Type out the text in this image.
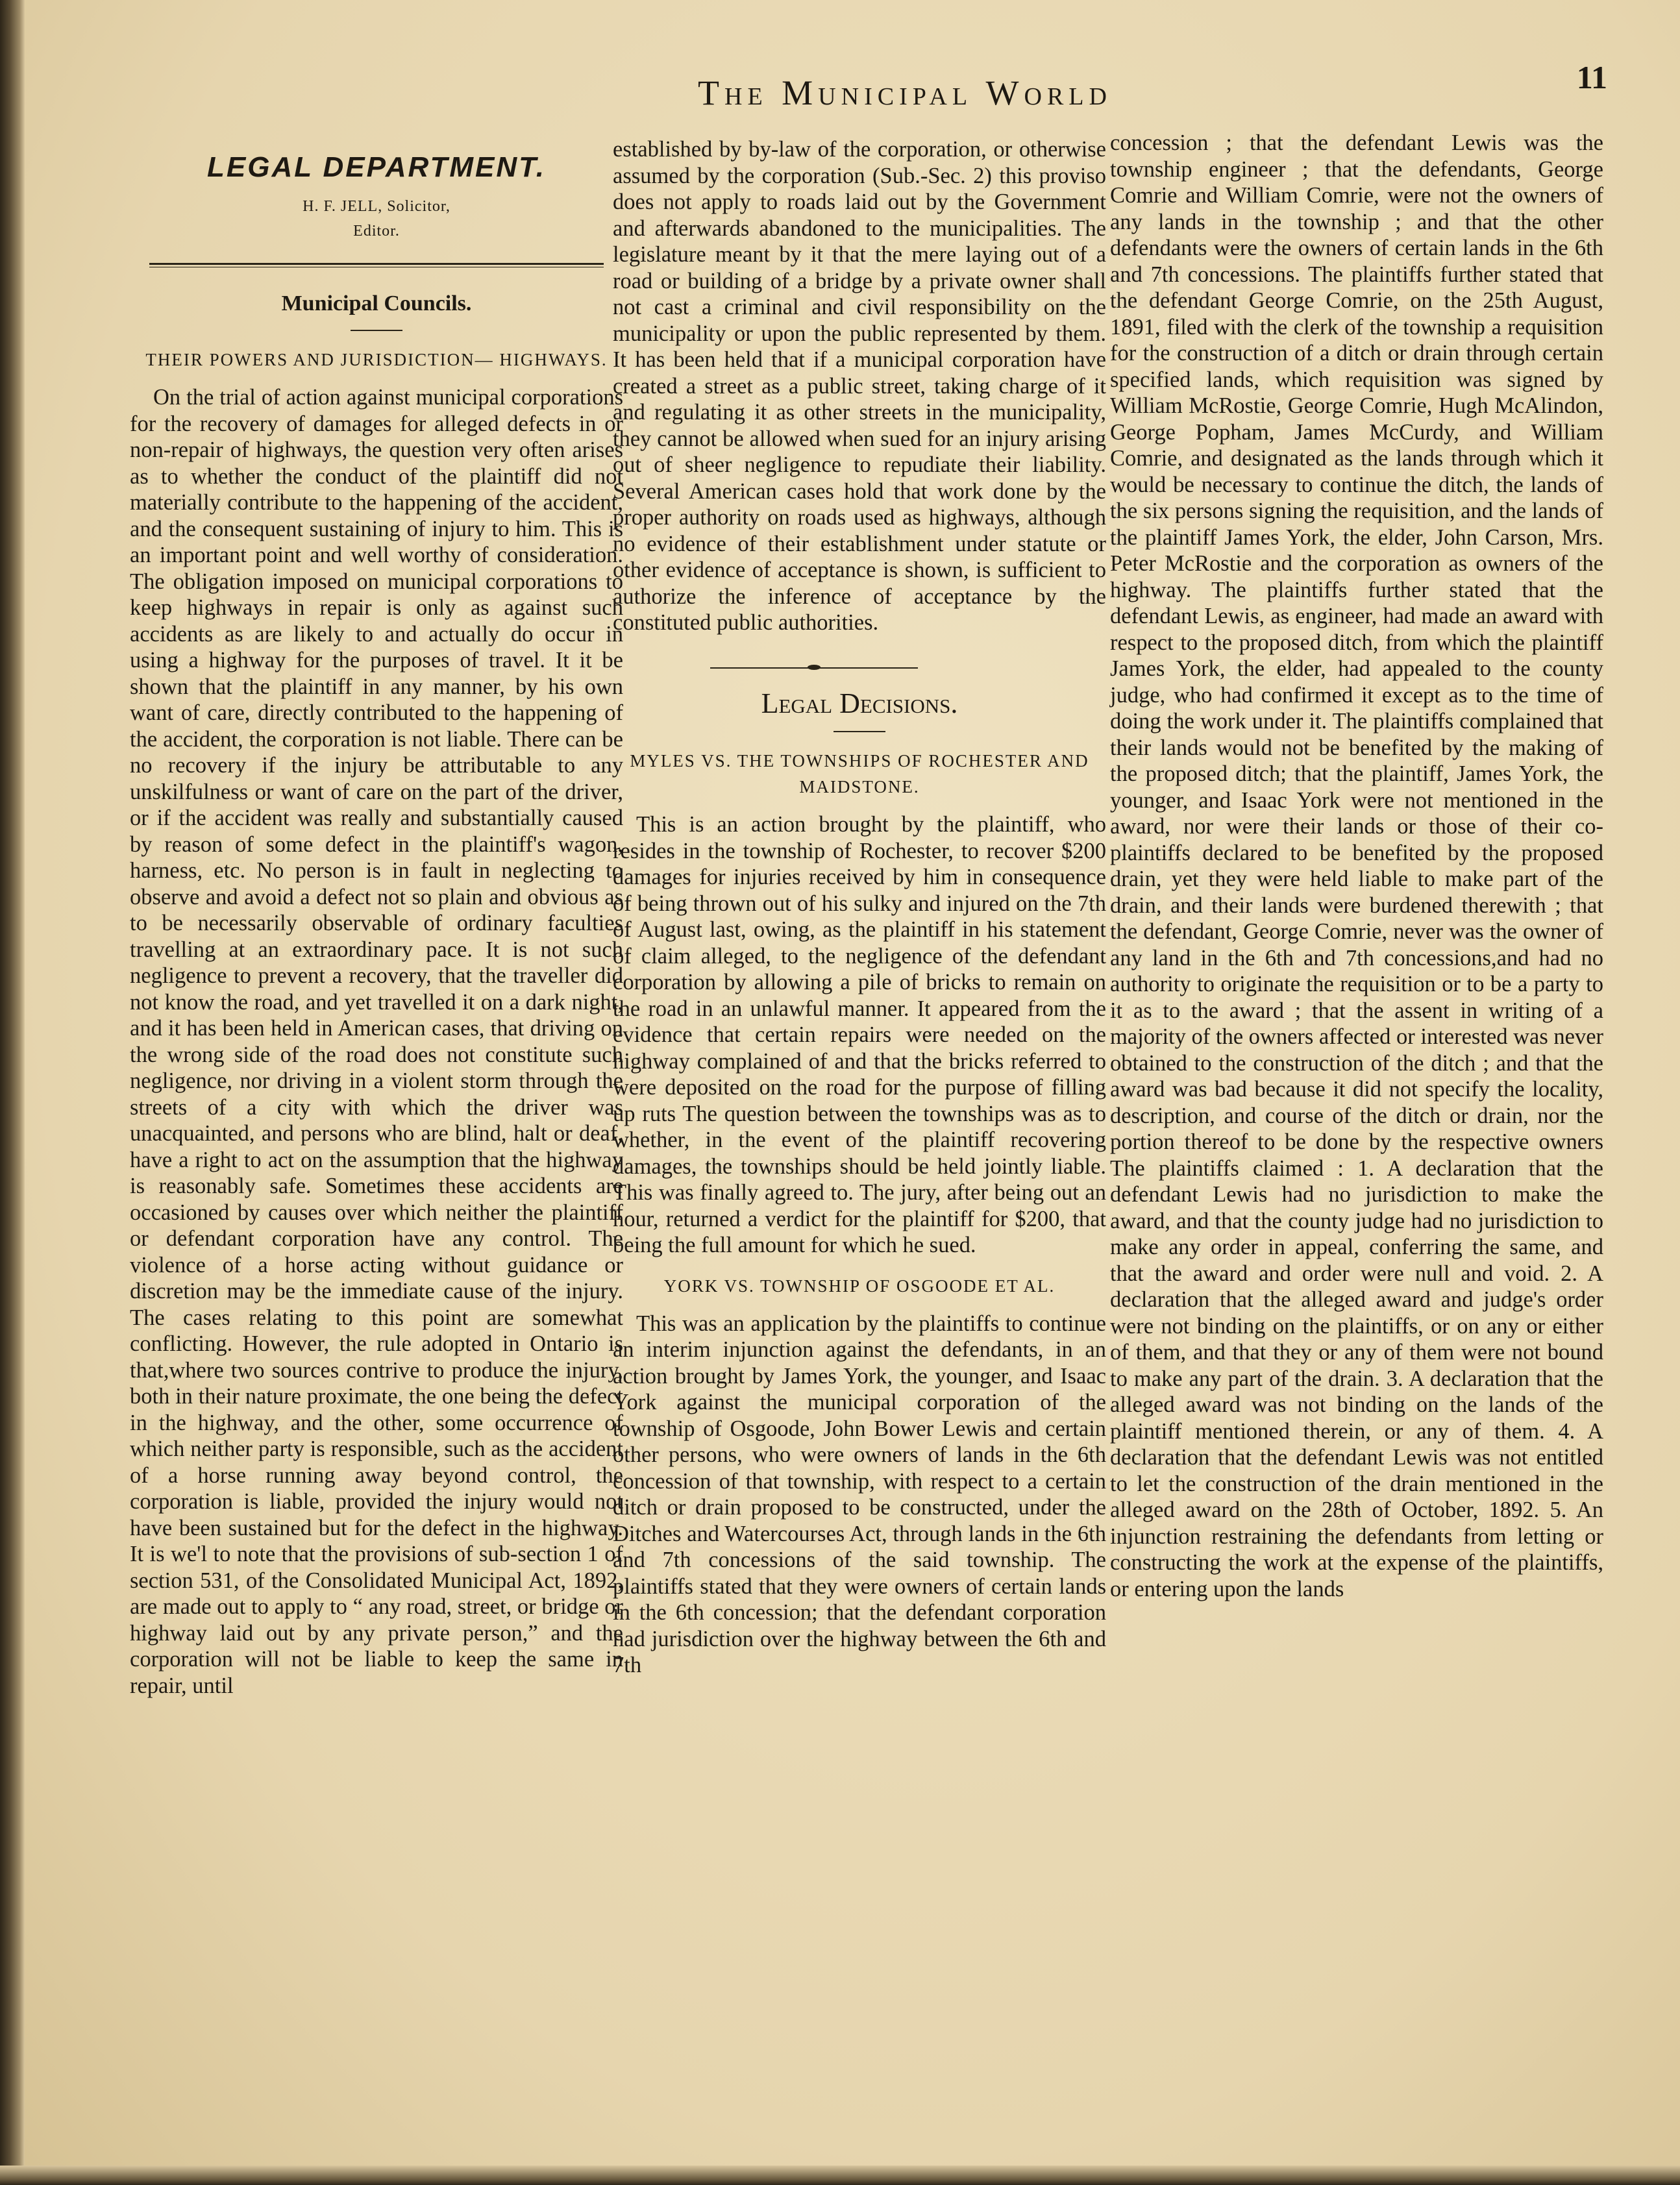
The Municipal World	11
LEGAL DEPARTMENT.
H. F. JELL, Solicitor,
Editor.
Municipal Councils.
THEIR POWERS AND JURISDICTION— HIGHWAYS.

On the trial of action against municipal corporations for the recovery of damages for alleged defects in or non-repair of highways, the question very often arises as to whether the conduct of the plaintiff did not materially contribute to the happening of the accident, and the consequent sustaining of injury to him. This is an important point and well worthy of consideration. The obligation imposed on municipal corporations to keep highways in repair is only as against such accidents as are likely to and actually do occur in using a highway for the purposes of travel. It it be shown that the plaintiff in any manner, by his own want of care, directly contributed to the happening of the accident, the corporation is not liable. There can be no recovery if the injury be attributable to any unskilfulness or want of care on the part of the driver, or if the accident was really and substantially caused by reason of some defect in the plaintiff's wagon, harness, etc. No person is in fault in neglecting to observe and avoid a defect not so plain and obvious as to be necessarily observable of ordinary faculties travelling at an extraordinary pace. It is not such negligence to prevent a recovery, that the traveller did not know the road, and yet travelled it on a dark night, and it has been held in American cases, that driving on the wrong side of the road does not constitute such negligence, nor driving in a violent storm through the streets of a city with which the driver was unacquainted, and persons who are blind, halt or deaf, have a right to act on the assumption that the highway is reasonably safe. Sometimes these accidents are occasioned by causes over which neither the plaintiff or defendant corporation have any control. The violence of a horse acting without guidance or discretion may be the immediate cause of the injury. The cases relating to this point are somewhat conflicting. However, the rule adopted in Ontario is that,where two sources contrive to produce the injury, both in their nature proximate, the one being the defect in the highway, and the other, some occurrence of which neither party is responsible, such as the accident of a horse running away beyond control, the corporation is liable, provided the injury would not have been sustained but for the defect in the highway. It is we'l to note that the provisions of sub-section 1 of section 531, of the Consolidated Municipal Act, 1892, are made out to apply to “ any road, street, or bridge or highway laid out by any private person,” and the corporation will not be liable to keep the same in repair, until

established by by-law of the corporation, or otherwise assumed by the corporation (Sub.-Sec. 2) this proviso does not apply to roads laid out by the Government and afterwards abandoned to the municipalities. The legislature meant by it that the mere laying out of a road or building of a bridge by a private owner shall not cast a criminal and civil responsibility on the municipality or upon the public represented by them. It has been held that if a municipal corporation have created a street as a public street, taking charge of it and regulating it as other streets in the municipality, they cannot be allowed when sued for an injury arising out of sheer negligence to repudiate their liability. Several American cases hold that work done by the proper authority on roads used as highways, although no evidence of their establishment under statute or other evidence of acceptance is shown, is sufficient to authorize the inference of acceptance by the constituted public authorities.

Legal Decisions.
MYLES VS. THE TOWNSHIPS OF ROCHESTER AND MAIDSTONE.

This is an action brought by the plaintiff, who resides in the township of Rochester, to recover $200 damages for injuries received by him in consequence of being thrown out of his sulky and injured on the 7th of August last, owing, as the plaintiff in his statement of claim alleged, to the negligence of the defendant corporation by allowing a pile of bricks to remain on the road in an unlawful manner. It appeared from the evidence that certain repairs were needed on the highway complained of and that the bricks referred to were deposited on the road for the purpose of filling up ruts The question between the townships was as to whether, in the event of the plaintiff recovering damages, the townships should be held jointly liable. This was finally agreed to. The jury, after being out an hour, returned a verdict for the plaintiff for $200, that being the full amount for which he sued.

YORK VS. TOWNSHIP OF OSGOODE ET AL.

This was an application by the plaintiffs to continue an interim injunction against the defendants, in an action brought by James York, the younger, and Isaac York against the municipal corporation of the township of Osgoode, John Bower Lewis and certain other persons, who were owners of lands in the 6th concession of that township, with respect to a certain ditch or drain proposed to be constructed, under the Ditches and Watercourses Act, through lands in the 6th and 7th concessions of the said township. The plaintiffs stated that they were owners of certain lands in the 6th concession; that the defendant corporation had jurisdiction over the highway between the 6th and 7th

concession ; that the defendant Lewis was the township engineer ; that the defendants, George Comrie and William Comrie, were not the owners of any lands in the township ; and that the other defendants were the owners of certain lands in the 6th and 7th concessions. The plaintiffs further stated that the defendant George Comrie, on the 25th August, 1891, filed with the clerk of the township a requisition for the construction of a ditch or drain through certain specified lands, which requisition was signed by William McRostie, George Comrie, Hugh McAlindon, George Popham, James McCurdy, and William Comrie, and designated as the lands through which it would be necessary to continue the ditch, the lands of the six persons signing the requisition, and the lands of the plaintiff James York, the elder, John Carson, Mrs. Peter McRostie and the corporation as owners of the highway. The plaintiffs further stated that the defendant Lewis, as engineer, had made an award with respect to the proposed ditch, from which the plaintiff James York, the elder, had appealed to the county judge, who had confirmed it except as to the time of doing the work under it. The plaintiffs complained that their lands would not be benefited by the making of the proposed ditch; that the plaintiff, James York, the younger, and Isaac York were not mentioned in the award, nor were their lands or those of their co-plaintiffs declared to be benefited by the proposed drain, yet they were held liable to make part of the drain, and their lands were burdened therewith ; that the defendant, George Comrie, never was the owner of any land in the 6th and 7th concessions,and had no authority to originate the requisition or to be a party to it as to the award ; that the assent in writing of a majority of the owners affected or interested was never obtained to the construction of the ditch ; and that the award was bad because it did not specify the locality, description, and course of the ditch or drain, nor the portion thereof to be done by the respective owners The plaintiffs claimed : 1. A declaration that the defendant Lewis had no jurisdiction to make the award, and that the county judge had no jurisdiction to make any order in appeal, conferring the same, and that the award and order were null and void. 2. A declaration that the alleged award and judge's order were not binding on the plaintiffs, or on any or either of them, and that they or any of them were not bound to make any part of the drain. 3. A declaration that the alleged award was not binding on the lands of the plaintiff mentioned therein, or any of them. 4. A declaration that the defendant Lewis was not entitled to let the construction of the drain mentioned in the alleged award on the 28th of October, 1892. 5. An injunction restraining the defendants from letting or constructing the work at the expense of the plaintiffs, or entering upon the lands
